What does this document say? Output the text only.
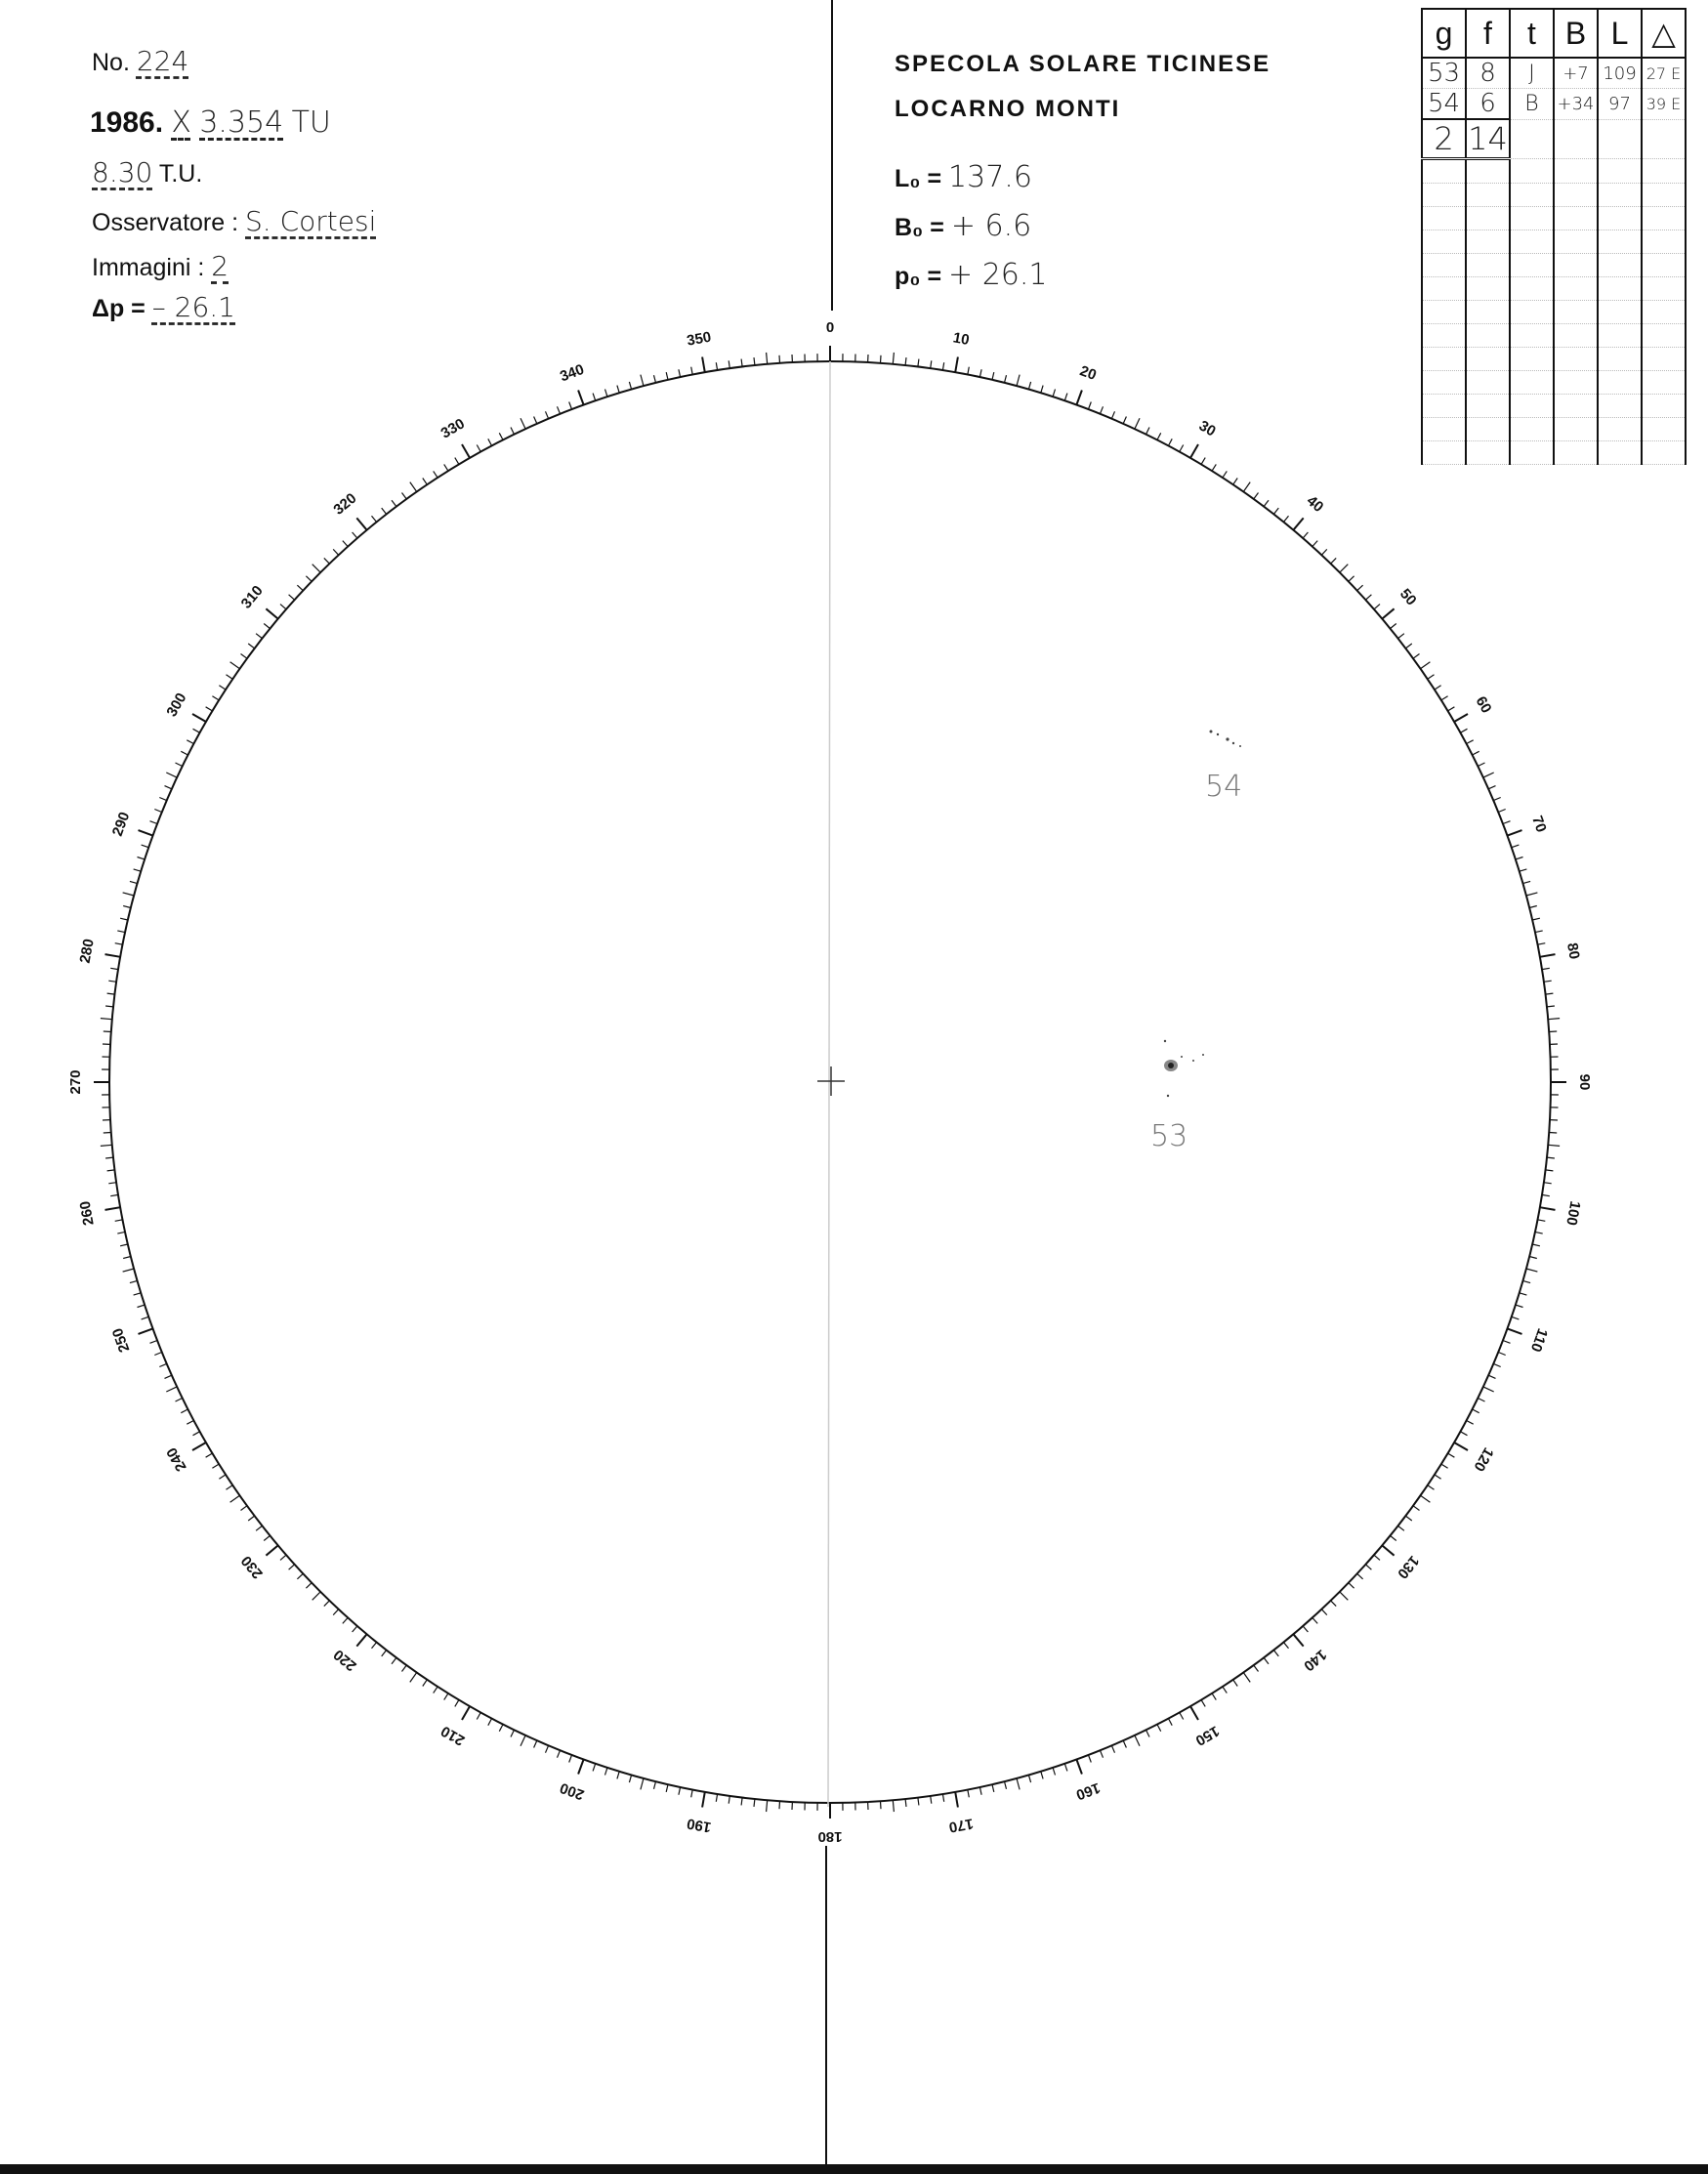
No. 224
1986. X 3.354 TU
8.30 T.U.
Osservatore : S. Cortesi
Immagini : 2
Δp = – 26.1
SPECOLA SOLARE TICINESE
LOCARNO MONTI
L₀ = 137.6
B₀ = + 6.6
p₀ = + 26.1
g	f	t	B	L	△
53	8	J	+7	109	27 E
54	6	B	+34	97	39 E
2	14				

0
10
20
30
40
50
60
70
80
90
100
110
120
130
140
150
160
170
180
190
200
210
220
230
240
250
260
270
280
290
300
310
320
330
340
350
54
53
